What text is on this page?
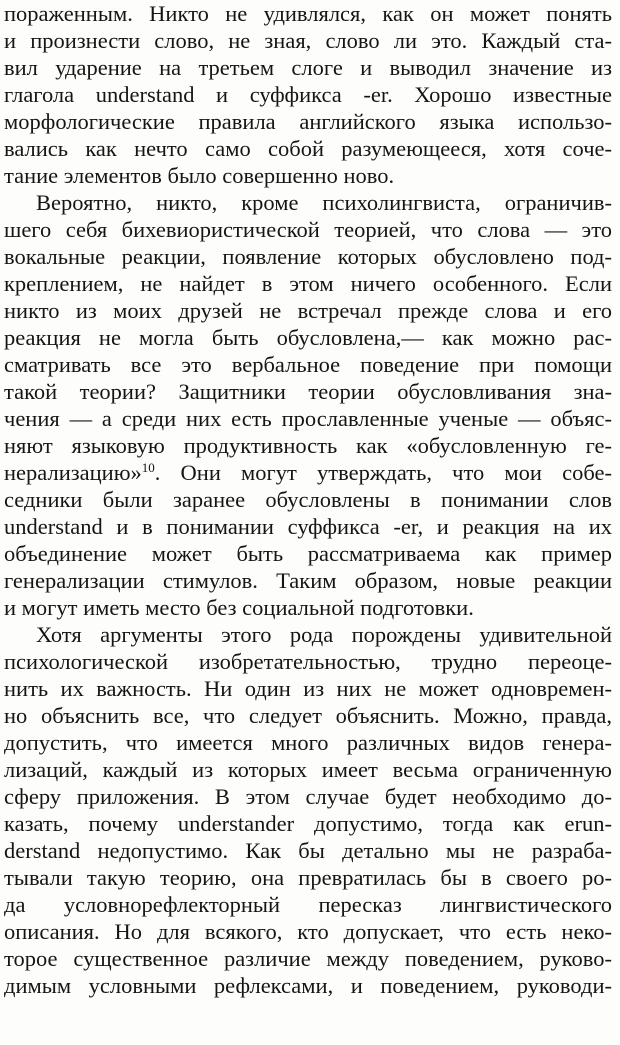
пораженным. Никто не удивлялся, как он может понять
и произнести слово, не зная, слово ли это. Каждый ста-
вил ударение на третьем слоге и выводил значение из
глагола understand и суффикса -er. Хорошо известные
морфологические правила английского языка использо-
вались как нечто само собой разумеющееся, хотя соче-
тание элементов было совершенно ново.
Вероятно, никто, кроме психолингвиста, ограничив-
шего себя бихевиористической теорией, что слова — это
вокальные реакции, появление которых обусловлено под-
креплением, не найдет в этом ничего особенного. Если
никто из моих друзей не встречал прежде слова и его
реакция не могла быть обусловлена,— как можно рас-
сматривать все это вербальное поведение при помощи
такой теории? Защитники теории обусловливания зна-
чения — а среди них есть прославленные ученые — объяс-
няют языковую продуктивность как «обусловленную ге-
нерализацию»$^{10}$. Они могут утверждать, что мои собе-
седники были заранее обусловлены в понимании слов
understand и в понимании суффикса -er, и реакция на их
объединение может быть рассматриваема как пример
генерализации стимулов. Таким образом, новые реакции
и могут иметь место без социальной подготовки.
Хотя аргументы этого рода порождены удивительной
психологической изобретательностью, трудно переоце-
нить их важность. Ни один из них не может одновремен-
но объяснить все, что следует объяснить. Можно, правда,
допустить, что имеется много различных видов генера-
лизаций, каждый из которых имеет весьма ограниченную
сферу приложения. В этом случае будет необходимо до-
казать, почему understander допустимо, тогда как erun-
derstand недопустимо. Как бы детально мы не разраба-
тывали такую теорию, она превратилась бы в своего ро-
да условнорефлекторный пересказ лингвистического
описания. Но для всякого, кто допускает, что есть неко-
торое существенное различие между поведением, руково-
димым условными рефлексами, и поведением, руководи-
